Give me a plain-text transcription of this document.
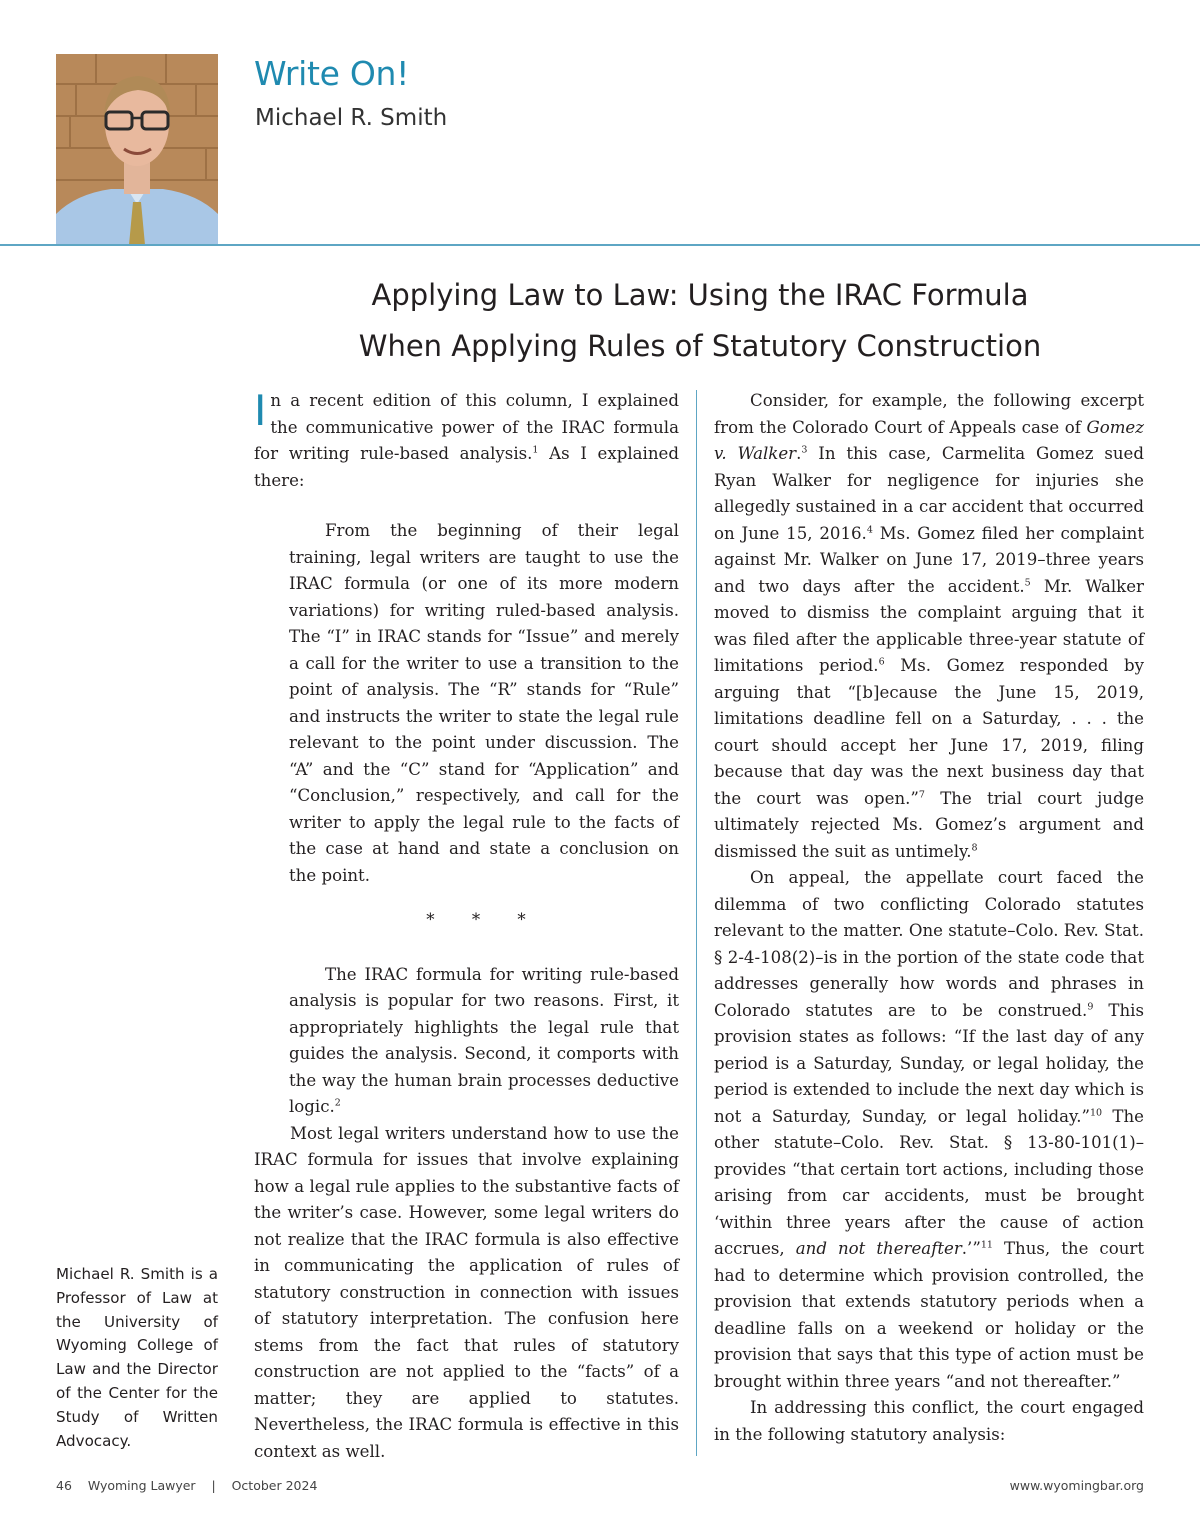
Write On!
Michael R. Smith
Applying Law to Law: Using the IRAC Formula
When Applying Rules of Statutory Construction

Michael R. Smith is a Professor of Law at the University of Wyoming College of Law and the Director of the Center for the Study of Written Advocacy.

In a recent edition of this column, I explained the communicative power of the IRAC formula for writing rule-based analysis.$^1$ As I explained there:

From the beginning of their legal training, legal writers are taught to use the IRAC formula (or one of its more modern variations) for writing ruled-based analysis. The “I” in IRAC stands for “Issue” and merely a call for the writer to use a transition to the point of analysis. The “R” stands for “Rule” and instructs the writer to state the legal rule relevant to the point under discussion. The “A” and the “C” stand for “Application” and “Conclusion,” respectively, and call for the writer to apply the legal rule to the facts of the case at hand and state a conclusion on the point.

* * *

The IRAC formula for writing rule-based analysis is popular for two reasons. First, it appropriately highlights the legal rule that guides the analysis. Second, it comports with the way the human brain processes deductive logic.$^2$

Most legal writers understand how to use the IRAC formula for issues that involve explaining how a legal rule applies to the substantive facts of the writer’s case. However, some legal writers do not realize that the IRAC formula is also effective in communicating the application of rules of statutory construction in connection with issues of statutory interpretation. The confusion here stems from the fact that rules of statutory construction are not applied to the “facts” of a matter; they are applied to statutes. Nevertheless, the IRAC formula is effective in this context as well.

Consider, for example, the following excerpt from the Colorado Court of Appeals case of Gomez v. Walker.$^3$ In this case, Carmelita Gomez sued Ryan Walker for negligence for injuries she allegedly sustained in a car accident that occurred on June 15, 2016.$^4$ Ms. Gomez filed her complaint against Mr. Walker on June 17, 2019–three years and two days after the accident.$^5$ Mr. Walker moved to dismiss the complaint arguing that it was filed after the applicable three-year statute of limitations period.$^6$ Ms. Gomez responded by arguing that “[b]ecause the June 15, 2019, limitations deadline fell on a Saturday, . . . the court should accept her June 17, 2019, filing because that day was the next business day that the court was open.”$^7$ The trial court judge ultimately rejected Ms. Gomez’s argument and dismissed the suit as untimely.$^8$

On appeal, the appellate court faced the dilemma of two conflicting Colorado statutes relevant to the matter. One statute–Colo. Rev. Stat. § 2-4-108(2)–is in the portion of the state code that addresses generally how words and phrases in Colorado statutes are to be construed.$^9$ This provision states as follows: “If the last day of any period is a Saturday, Sunday, or legal holiday, the period is extended to include the next day which is not a Saturday, Sunday, or legal holiday.”$^{10}$ The other statute–Colo. Rev. Stat. § 13-80-101(1)–provides “that certain tort actions, including those arising from car accidents, must be brought ‘within three years after the cause of action accrues, and not thereafter.’”$^{11}$ Thus, the court had to determine which provision controlled, the provision that extends statutory periods when a deadline falls on a weekend or holiday or the provision that says that this type of action must be brought within three years “and not thereafter.”

In addressing this conflict, the court engaged in the following statutory analysis:

46 Wyoming Lawyer | October 2024	www.wyomingbar.org
